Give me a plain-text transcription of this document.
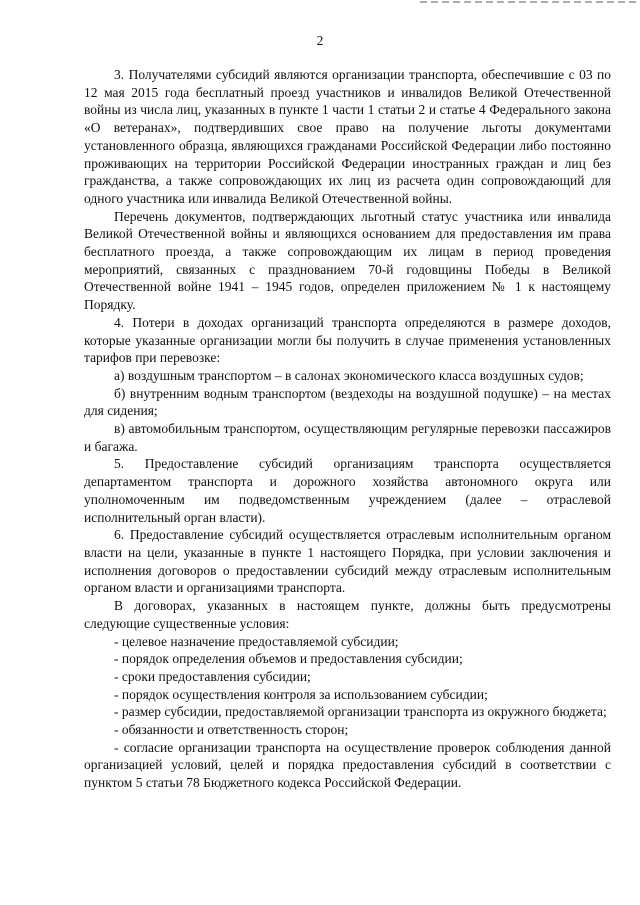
2

3. Получателями субсидий являются организации транспорта, обеспечившие с 03 по 12 мая 2015 года бесплатный проезд участников и инвалидов Великой Отечественной войны из числа лиц, указанных в пункте 1 части 1 статьи 2 и статье 4 Федерального закона «О ветеранах», подтвердивших свое право на получение льготы документами установленного образца, являющихся гражданами Российской Федерации либо постоянно проживающих на территории Российской Федерации иностранных граждан и лиц без гражданства, а также сопровождающих их лиц из расчета один сопровождающий для одного участника или инвалида Великой Отечественной войны.

Перечень документов, подтверждающих льготный статус участника или инвалида Великой Отечественной войны и являющихся основанием для предоставления им права бесплатного проезда, а также сопровождающим их лицам в период проведения мероприятий, связанных с празднованием 70-й годовщины Победы в Великой Отечественной войне 1941 – 1945 годов, определен приложением № 1 к настоящему Порядку.

4. Потери в доходах организаций транспорта определяются в размере доходов, которые указанные организации могли бы получить в случае применения установленных тарифов при перевозке:

а) воздушным транспортом – в салонах экономического класса воздушных судов;

б) внутренним водным транспортом (вездеходы на воздушной подушке) – на местах для сидения;

в) автомобильным транспортом, осуществляющим регулярные перевозки пассажиров и багажа.

5. Предоставление субсидий организациям транспорта осуществляется департаментом транспорта и дорожного хозяйства автономного округа или уполномоченным им подведомственным учреждением (далее – отраслевой исполнительный орган власти).

6. Предоставление субсидий осуществляется отраслевым исполнительным органом власти на цели, указанные в пункте 1 настоящего Порядка, при условии заключения и исполнения договоров о предоставлении субсидий между отраслевым исполнительным органом власти и организациями транспорта.

В договорах, указанных в настоящем пункте, должны быть предусмотрены следующие существенные условия:

- целевое назначение предоставляемой субсидии;

- порядок определения объемов и предоставления субсидии;

- сроки предоставления субсидии;

- порядок осуществления контроля за использованием субсидии;

- размер субсидии, предоставляемой организации транспорта из окружного бюджета;

- обязанности и ответственность сторон;

- согласие организации транспорта на осуществление проверок соблюдения данной организацией условий, целей и порядка предоставления субсидий в соответствии с пунктом 5 статьи 78 Бюджетного кодекса Российской Федерации.
